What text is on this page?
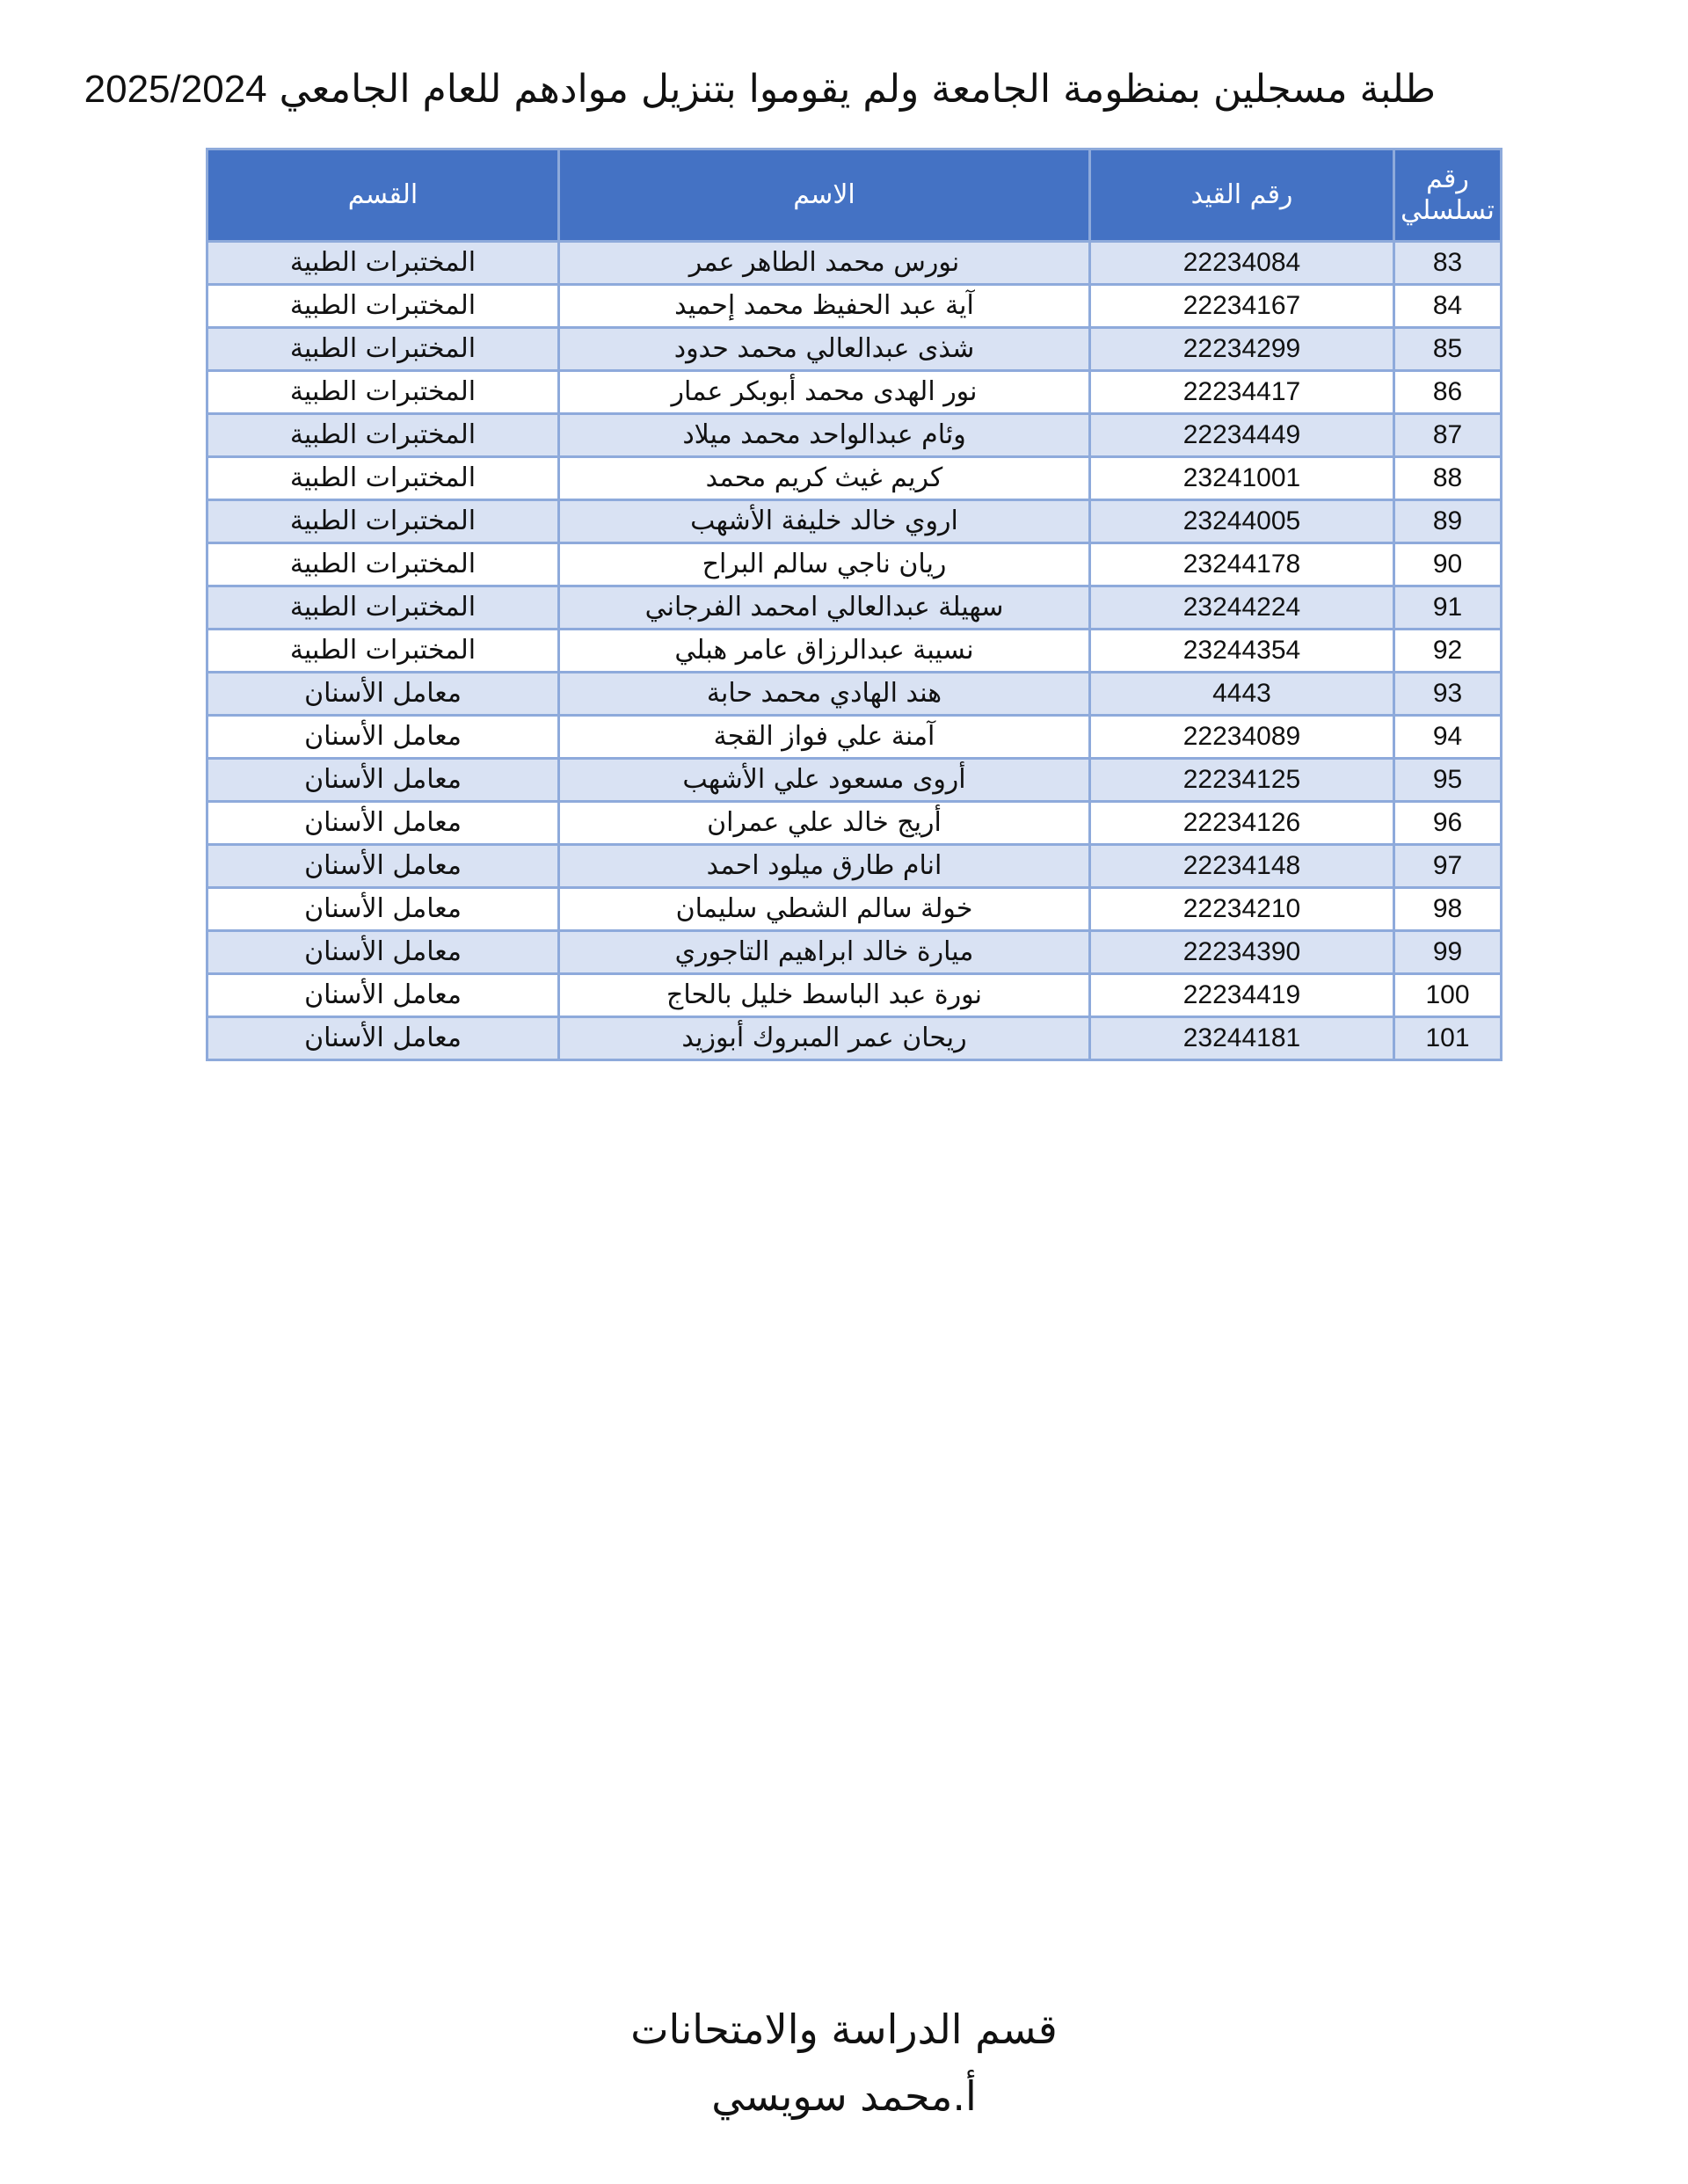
طلبة مسجلين بمنظومة الجامعة ولم يقوموا بتنزيل موادهم للعام الجامعي 2025/2024
رقم
تسلسلي	رقم القيد	الاسم	القسم
83	22234084	نورس محمد الطاهر عمر	المختبرات الطبية
84	22234167	آية عبد الحفيظ محمد إحميد	المختبرات الطبية
85	22234299	شذى عبدالعالي محمد حدود	المختبرات الطبية
86	22234417	نور الهدى محمد أبوبكر عمار	المختبرات الطبية
87	22234449	وئام عبدالواحد محمد ميلاد	المختبرات الطبية
88	23241001	كريم غيث كريم محمد	المختبرات الطبية
89	23244005	اروي خالد خليفة الأشهب	المختبرات الطبية
90	23244178	ريان ناجي سالم البراح	المختبرات الطبية
91	23244224	سهيلة عبدالعالي امحمد الفرجاني	المختبرات الطبية
92	23244354	نسيبة عبدالرزاق عامر هبلي	المختبرات الطبية
93	4443	هند الهادي محمد حابة	معامل الأسنان
94	22234089	آمنة علي فواز القجة	معامل الأسنان
95	22234125	أروى مسعود علي الأشهب	معامل الأسنان
96	22234126	أريج خالد علي عمران	معامل الأسنان
97	22234148	انام طارق ميلود احمد	معامل الأسنان
98	22234210	خولة سالم الشطي سليمان	معامل الأسنان
99	22234390	ميارة خالد ابراهيم التاجوري	معامل الأسنان
100	22234419	نورة عبد الباسط خليل بالحاج	معامل الأسنان
101	23244181	ريحان عمر المبروك أبوزيد	معامل الأسنان
قسم الدراسة والامتحانات
أ.محمد سويسي
